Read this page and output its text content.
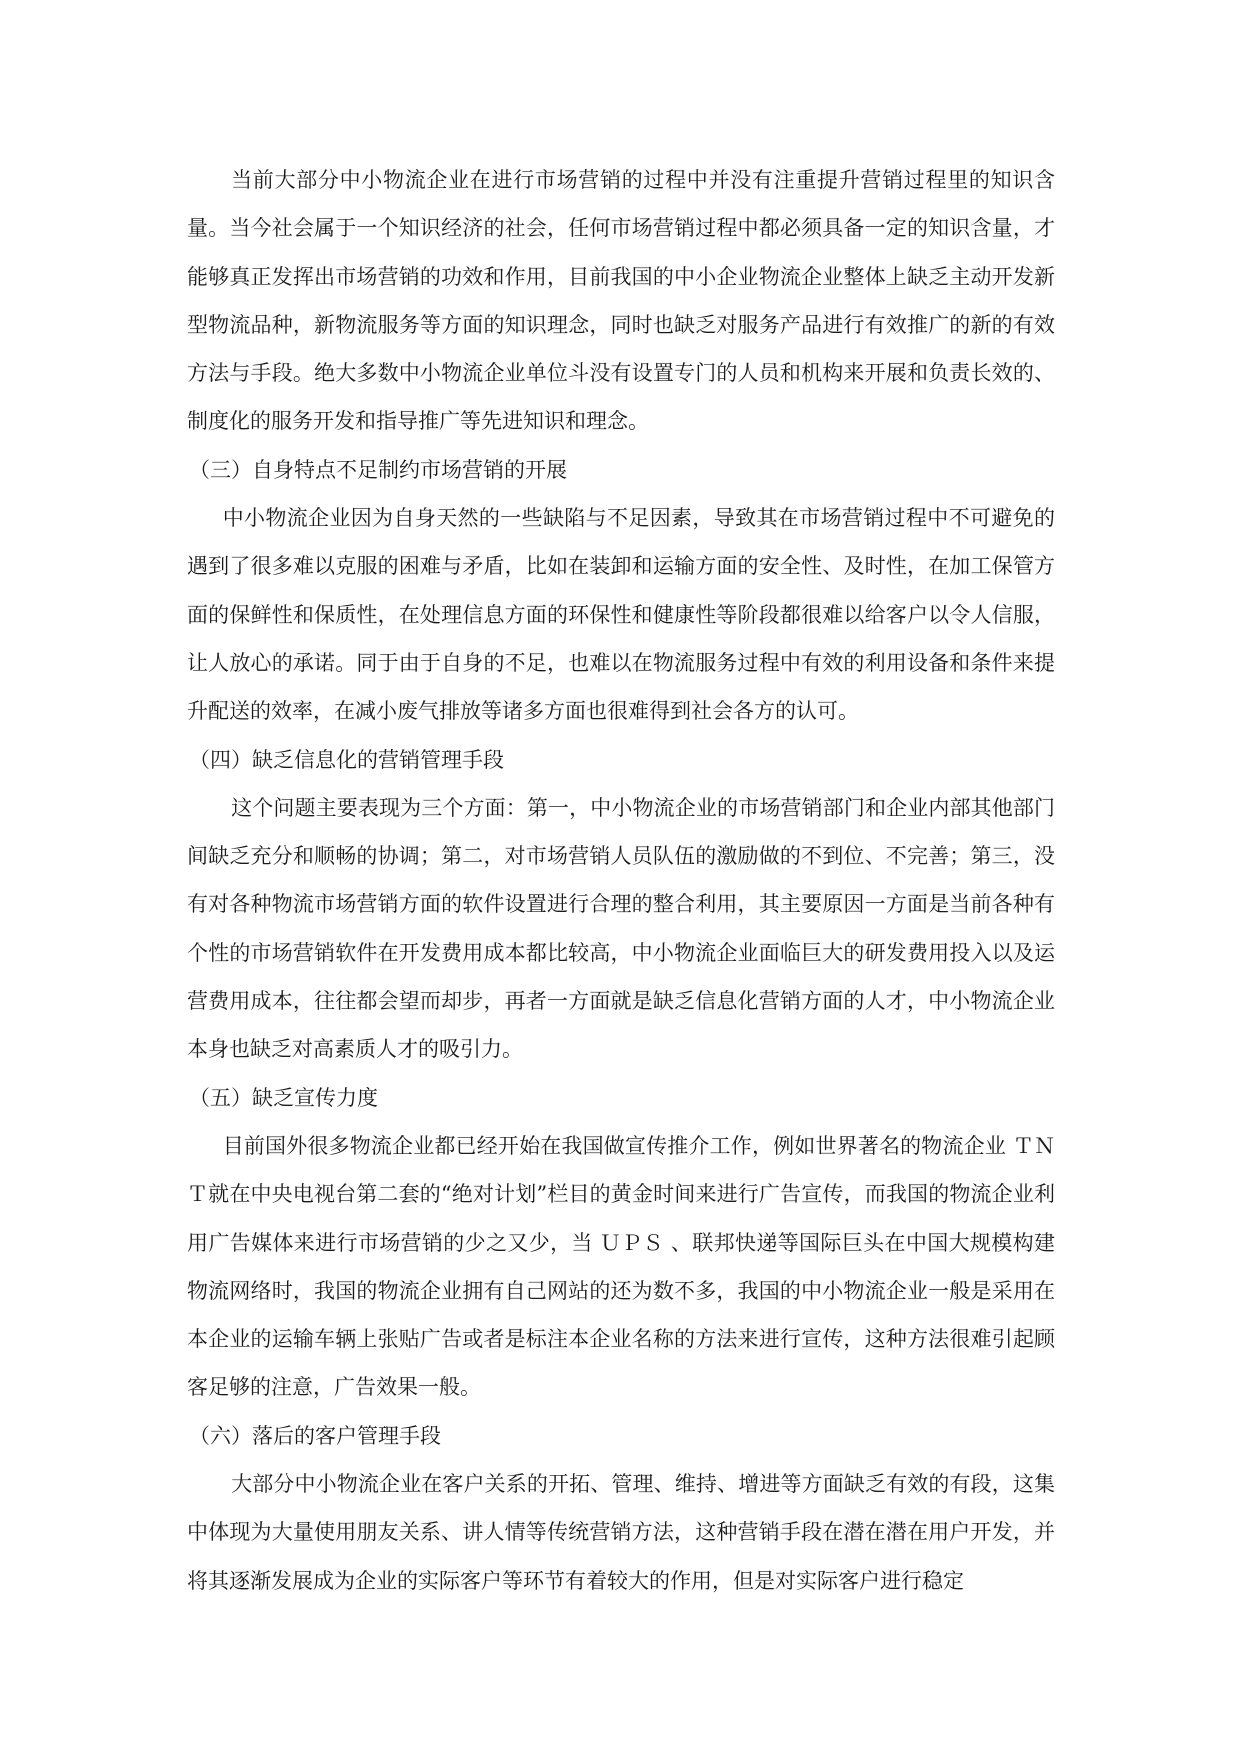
当前大部分中小物流企业在进行市场营销的过程中并没有注重提升营销过程里的知识含量。当今社会属于一个知识经济的社会，任何市场营销过程中都必须具备一定的知识含量，才能够真正发挥出市场营销的功效和作用，目前我国的中小企业物流企业整体上缺乏主动开发新型物流品种，新物流服务等方面的知识理念，同时也缺乏对服务产品进行有效推广的新的有效方法与手段。绝大多数中小物流企业单位斗没有设置专门的人员和机构来开展和负责长效的、制度化的服务开发和指导推广等先进知识和理念。

（三）自身特点不足制约市场营销的开展

中小物流企业因为自身天然的一些缺陷与不足因素，导致其在市场营销过程中不可避免的遇到了很多难以克服的困难与矛盾，比如在装卸和运输方面的安全性、及时性，在加工保管方面的保鲜性和保质性，在处理信息方面的环保性和健康性等阶段都很难以给客户以令人信服，让人放心的承诺。同于由于自身的不足，也难以在物流服务过程中有效的利用设备和条件来提升配送的效率，在减小废气排放等诸多方面也很难得到社会各方的认可。

（四）缺乏信息化的营销管理手段

这个问题主要表现为三个方面：第一，中小物流企业的市场营销部门和企业内部其他部门间缺乏充分和顺畅的协调；第二，对市场营销人员队伍的激励做的不到位、不完善；第三，没有对各种物流市场营销方面的软件设置进行合理的整合利用，其主要原因一方面是当前各种有个性的市场营销软件在开发费用成本都比较高，中小物流企业面临巨大的研发费用投入以及运营费用成本，往往都会望而却步，再者一方面就是缺乏信息化营销方面的人才，中小物流企业本身也缺乏对高素质人才的吸引力。

（五）缺乏宣传力度

目前国外很多物流企业都已经开始在我国做宣传推介工作，例如世界著名的物流企业 ＴＮＴ就在中央电视台第二套的“绝对计划”栏目的黄金时间来进行广告宣传，而我国的物流企业利用广告媒体来进行市场营销的少之又少，当 ＵＰＳ 、联邦快递等国际巨头在中国大规模构建物流网络时，我国的物流企业拥有自己网站的还为数不多，我国的中小物流企业一般是采用在本企业的运输车辆上张贴广告或者是标注本企业名称的方法来进行宣传，这种方法很难引起顾客足够的注意，广告效果一般。

（六）落后的客户管理手段

大部分中小物流企业在客户关系的开拓、管理、维持、增进等方面缺乏有效的有段，这集中体现为大量使用朋友关系、讲人情等传统营销方法，这种营销手段在潜在潜在用户开发，并将其逐渐发展成为企业的实际客户等环节有着较大的作用，但是对实际客户进行稳定
